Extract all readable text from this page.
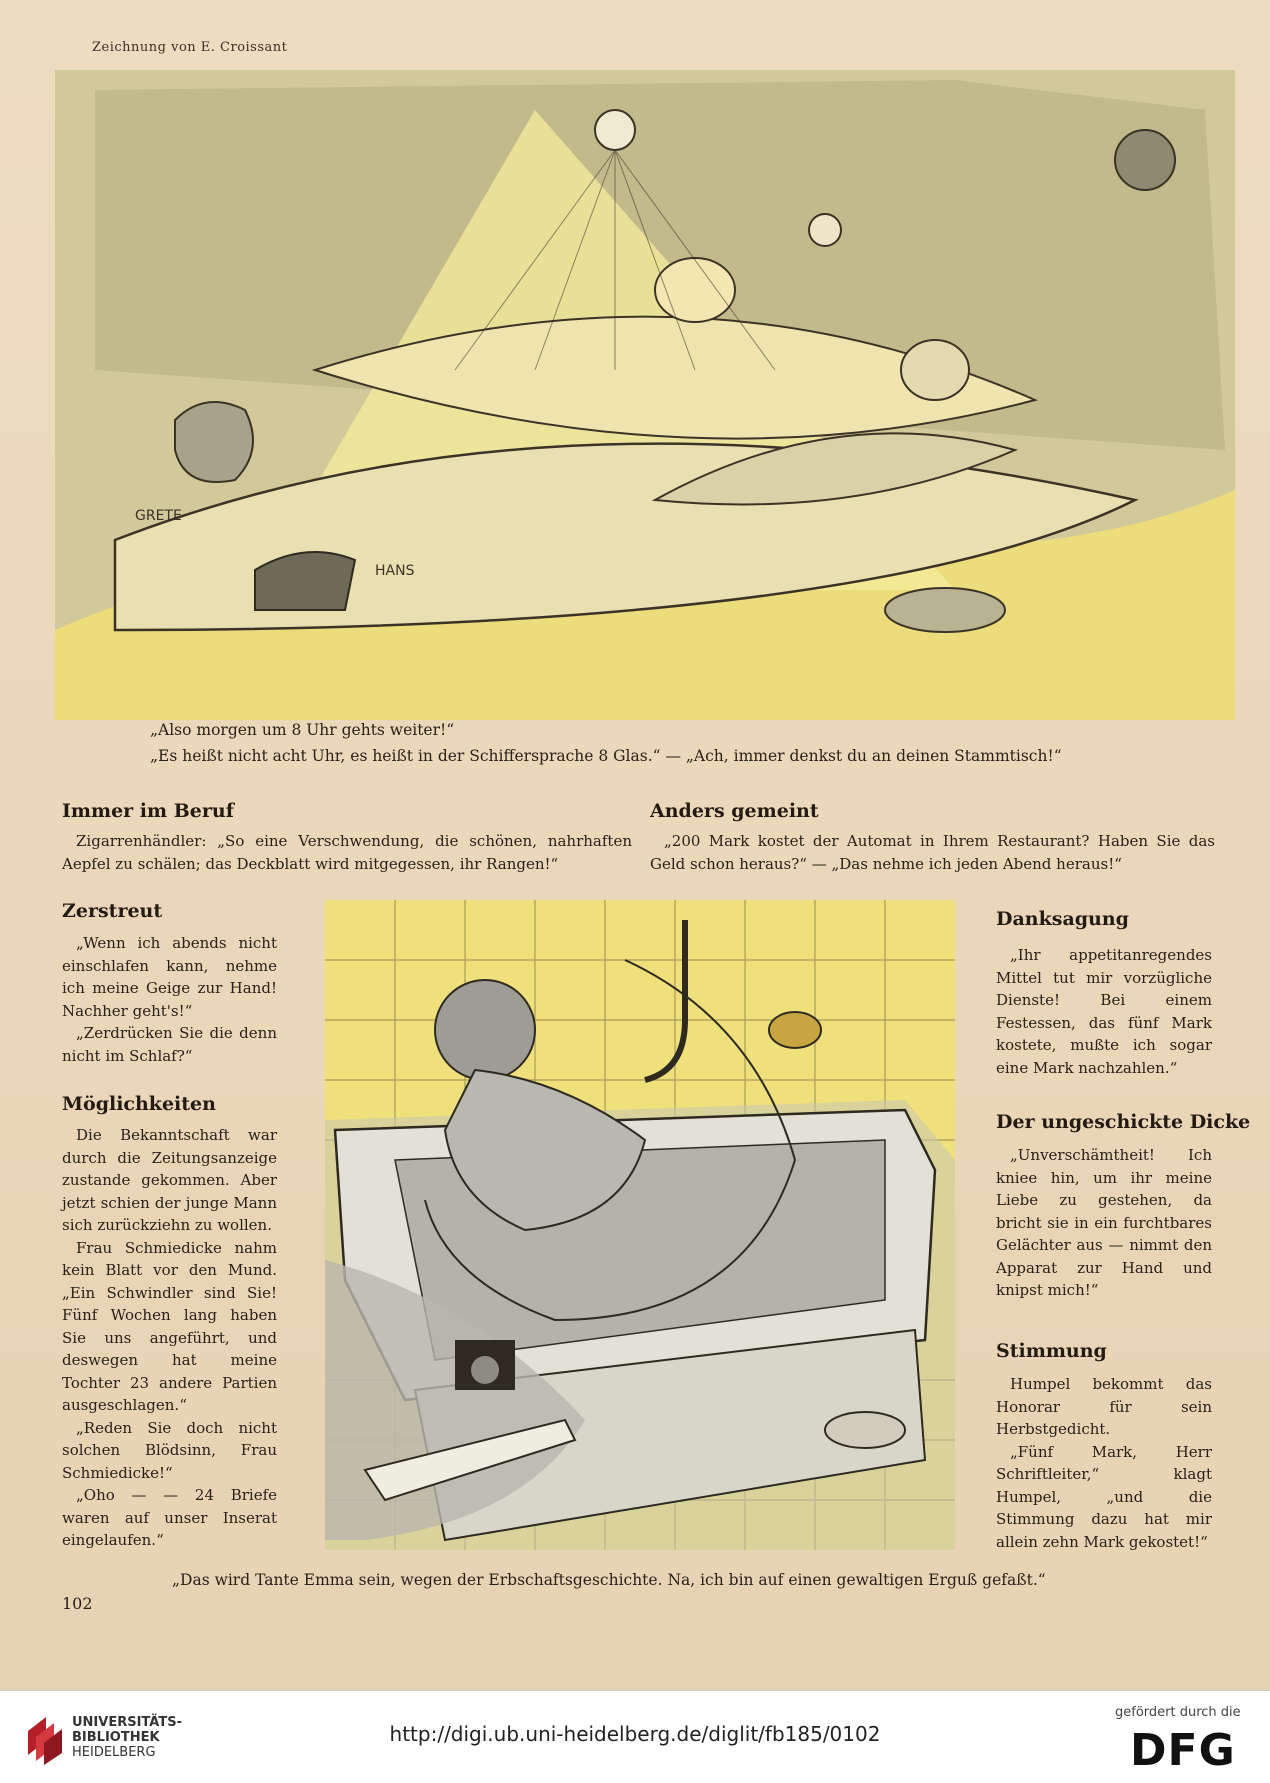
Zeichnung von E. Croissant
GRETE
HANS
„Also morgen um 8 Uhr gehts weiter!“
„Es heißt nicht acht Uhr, es heißt in der Schiffersprache 8 Glas.“ — „Ach, immer denkst du an deinen Stammtisch!“
Immer im Beruf
Zigarrenhändler: „So eine Verschwendung, die schönen, nahrhaften Aepfel zu schälen; das Deckblatt wird mitgegessen, ihr Rangen!“
Anders gemeint
„200 Mark kostet der Automat in Ihrem Restaurant? Haben Sie das Geld schon heraus?“ — „Das nehme ich jeden Abend heraus!“
Zerstreut

„Wenn ich abends nicht einschlafen kann, nehme ich meine Geige zur Hand! Nachher geht's!“

„Zerdrücken Sie die denn nicht im Schlaf?“

Möglichkeiten

Die Bekanntschaft war durch die Zeitungsanzeige zustande gekommen. Aber jetzt schien der junge Mann sich zurückziehn zu wollen.

Frau Schmiedicke nahm kein Blatt vor den Mund. „Ein Schwindler sind Sie! Fünf Wochen lang haben Sie uns angeführt, und deswegen hat meine Tochter 23 andere Partien ausgeschlagen.“

„Reden Sie doch nicht solchen Blödsinn, Frau Schmiedicke!“

„Oho — — 24 Briefe waren auf unser Inserat eingelaufen.“

Danksagung

„Ihr appetitanregendes Mittel tut mir vorzügliche Dienste! Bei einem Festessen, das fünf Mark kostete, mußte ich sogar eine Mark nachzahlen.“

Der ungeschickte Dicke

„Unverschämtheit! Ich kniee hin, um ihr meine Liebe zu gestehen, da bricht sie in ein furchtbares Gelächter aus — nimmt den Apparat zur Hand und knipst mich!“

Stimmung

Humpel bekommt das Honorar für sein Herbstgedicht.

„Fünf Mark, Herr Schriftleiter,“ klagt Humpel, „und die Stimmung dazu hat mir allein zehn Mark gekostet!“

„Das wird Tante Emma sein, wegen der Erbschaftsgeschichte. Na, ich bin auf einen gewaltigen Erguß gefaßt.“
102
UNIVERSITÄTS-
BIBLIOTHEK
HEIDELBERG
http://digi.ub.uni-heidelberg.de/diglit/fb185/0102
gefördert durch die
DFG
